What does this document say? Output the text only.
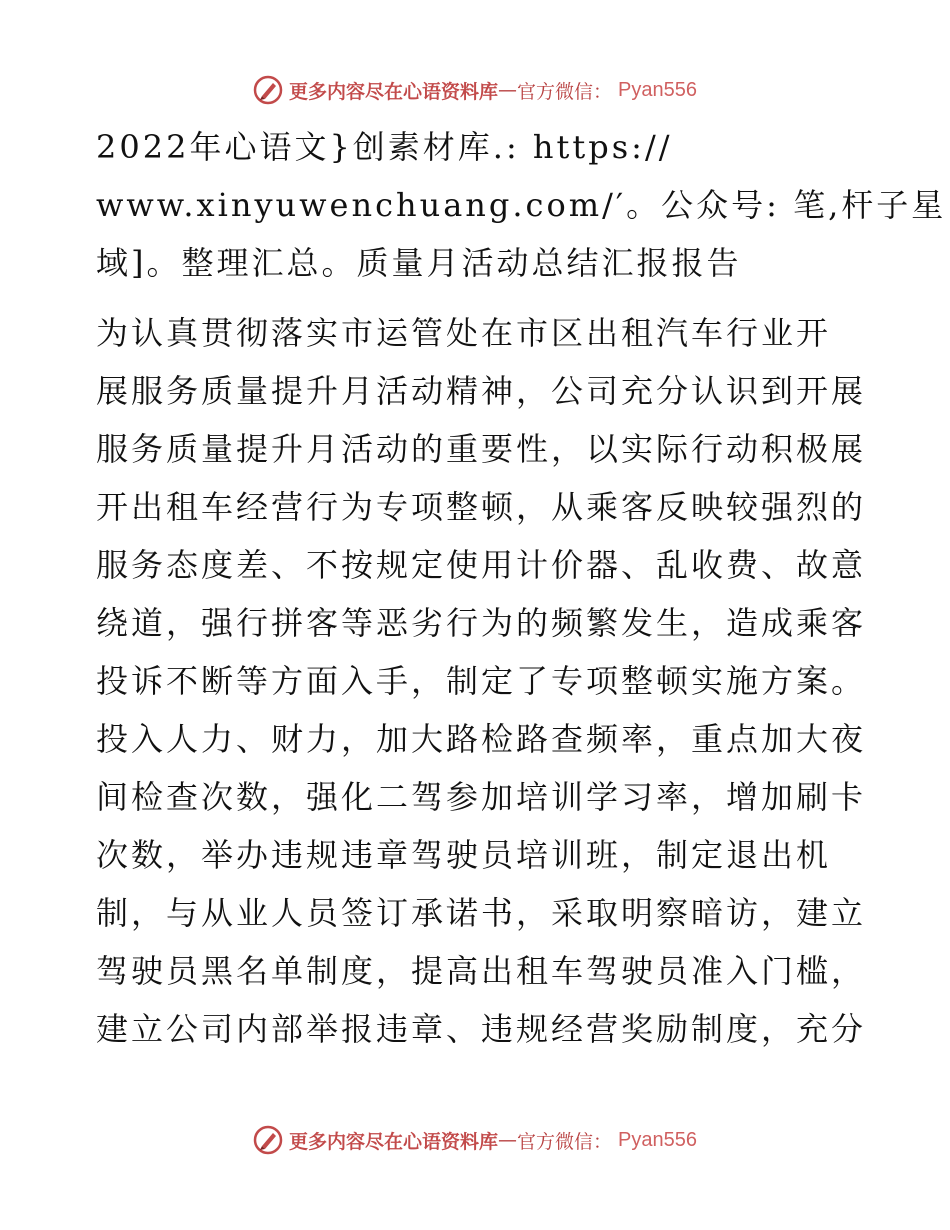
更多内容尽在心语资料库 — 官方微信： Pyan556
2022年心语文}创素材库.: https://
www.xinyuwenchuang.com/′。公众号: 笔,杆子星
域]。整理汇总。质量月活动总结汇报报告
为认真贯彻落实市运管处在市区出租汽车行业开
展服务质量提升月活动精神，公司充分认识到开展
服务质量提升月活动的重要性，以实际行动积极展
开出租车经营行为专项整顿，从乘客反映较强烈的
服务态度差、不按规定使用计价器、乱收费、故意
绕道，强行拼客等恶劣行为的频繁发生，造成乘客
投诉不断等方面入手，制定了专项整顿实施方案。
投入人力、财力，加大路检路查频率，重点加大夜
间检查次数，强化二驾参加培训学习率，增加刷卡
次数，举办违规违章驾驶员培训班，制定退出机
制，与从业人员签订承诺书，采取明察暗访，建立
驾驶员黑名单制度，提高出租车驾驶员准入门槛，
建立公司内部举报违章、违规经营奖励制度，充分
更多内容尽在心语资料库 — 官方微信： Pyan556
